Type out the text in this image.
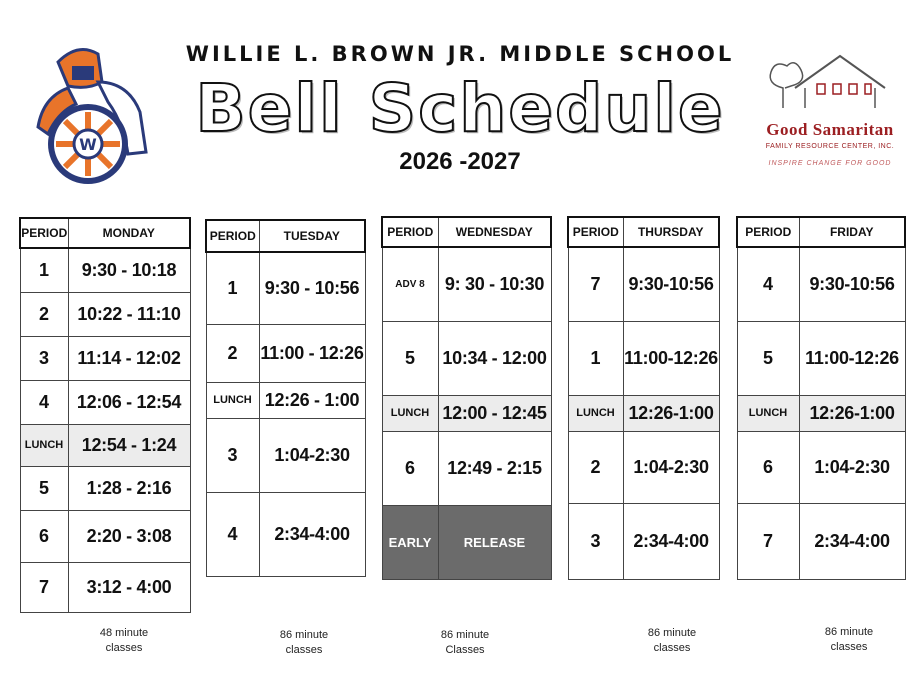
W
WILLIE L. BROWN JR. MIDDLE SCHOOL
Bell Schedule
2026 -2027
Good Samaritan
FAMILY RESOURCE CENTER, INC.
INSPIRE CHANGE FOR GOOD
PERIOD	MONDAY
1	9:30 - 10:18
2	10:22 - 11:10
3	11:14 - 12:02
4	12:06 - 12:54
LUNCH	12:54 - 1:24
5	1:28 - 2:16
6	2:20 - 3:08
7	3:12 - 4:00
48 minute
classes
PERIOD	TUESDAY
1	9:30 - 10:56
2	11:00 - 12:26
LUNCH	12:26 - 1:00
3	1:04-2:30
4	2:34-4:00
86 minute
classes
PERIOD	WEDNESDAY
ADV 8	9: 30 - 10:30
5	10:34 - 12:00
LUNCH	12:00 - 12:45
6	12:49 - 2:15
EARLY	RELEASE
86 minute
Classes
PERIOD	THURSDAY
7	9:30-10:56
1	11:00-12:26
LUNCH	12:26-1:00
2	1:04-2:30
3	2:34-4:00
86 minute
classes
PERIOD	FRIDAY
4	9:30-10:56
5	11:00-12:26
LUNCH	12:26-1:00
6	1:04-2:30
7	2:34-4:00
86 minute
classes
